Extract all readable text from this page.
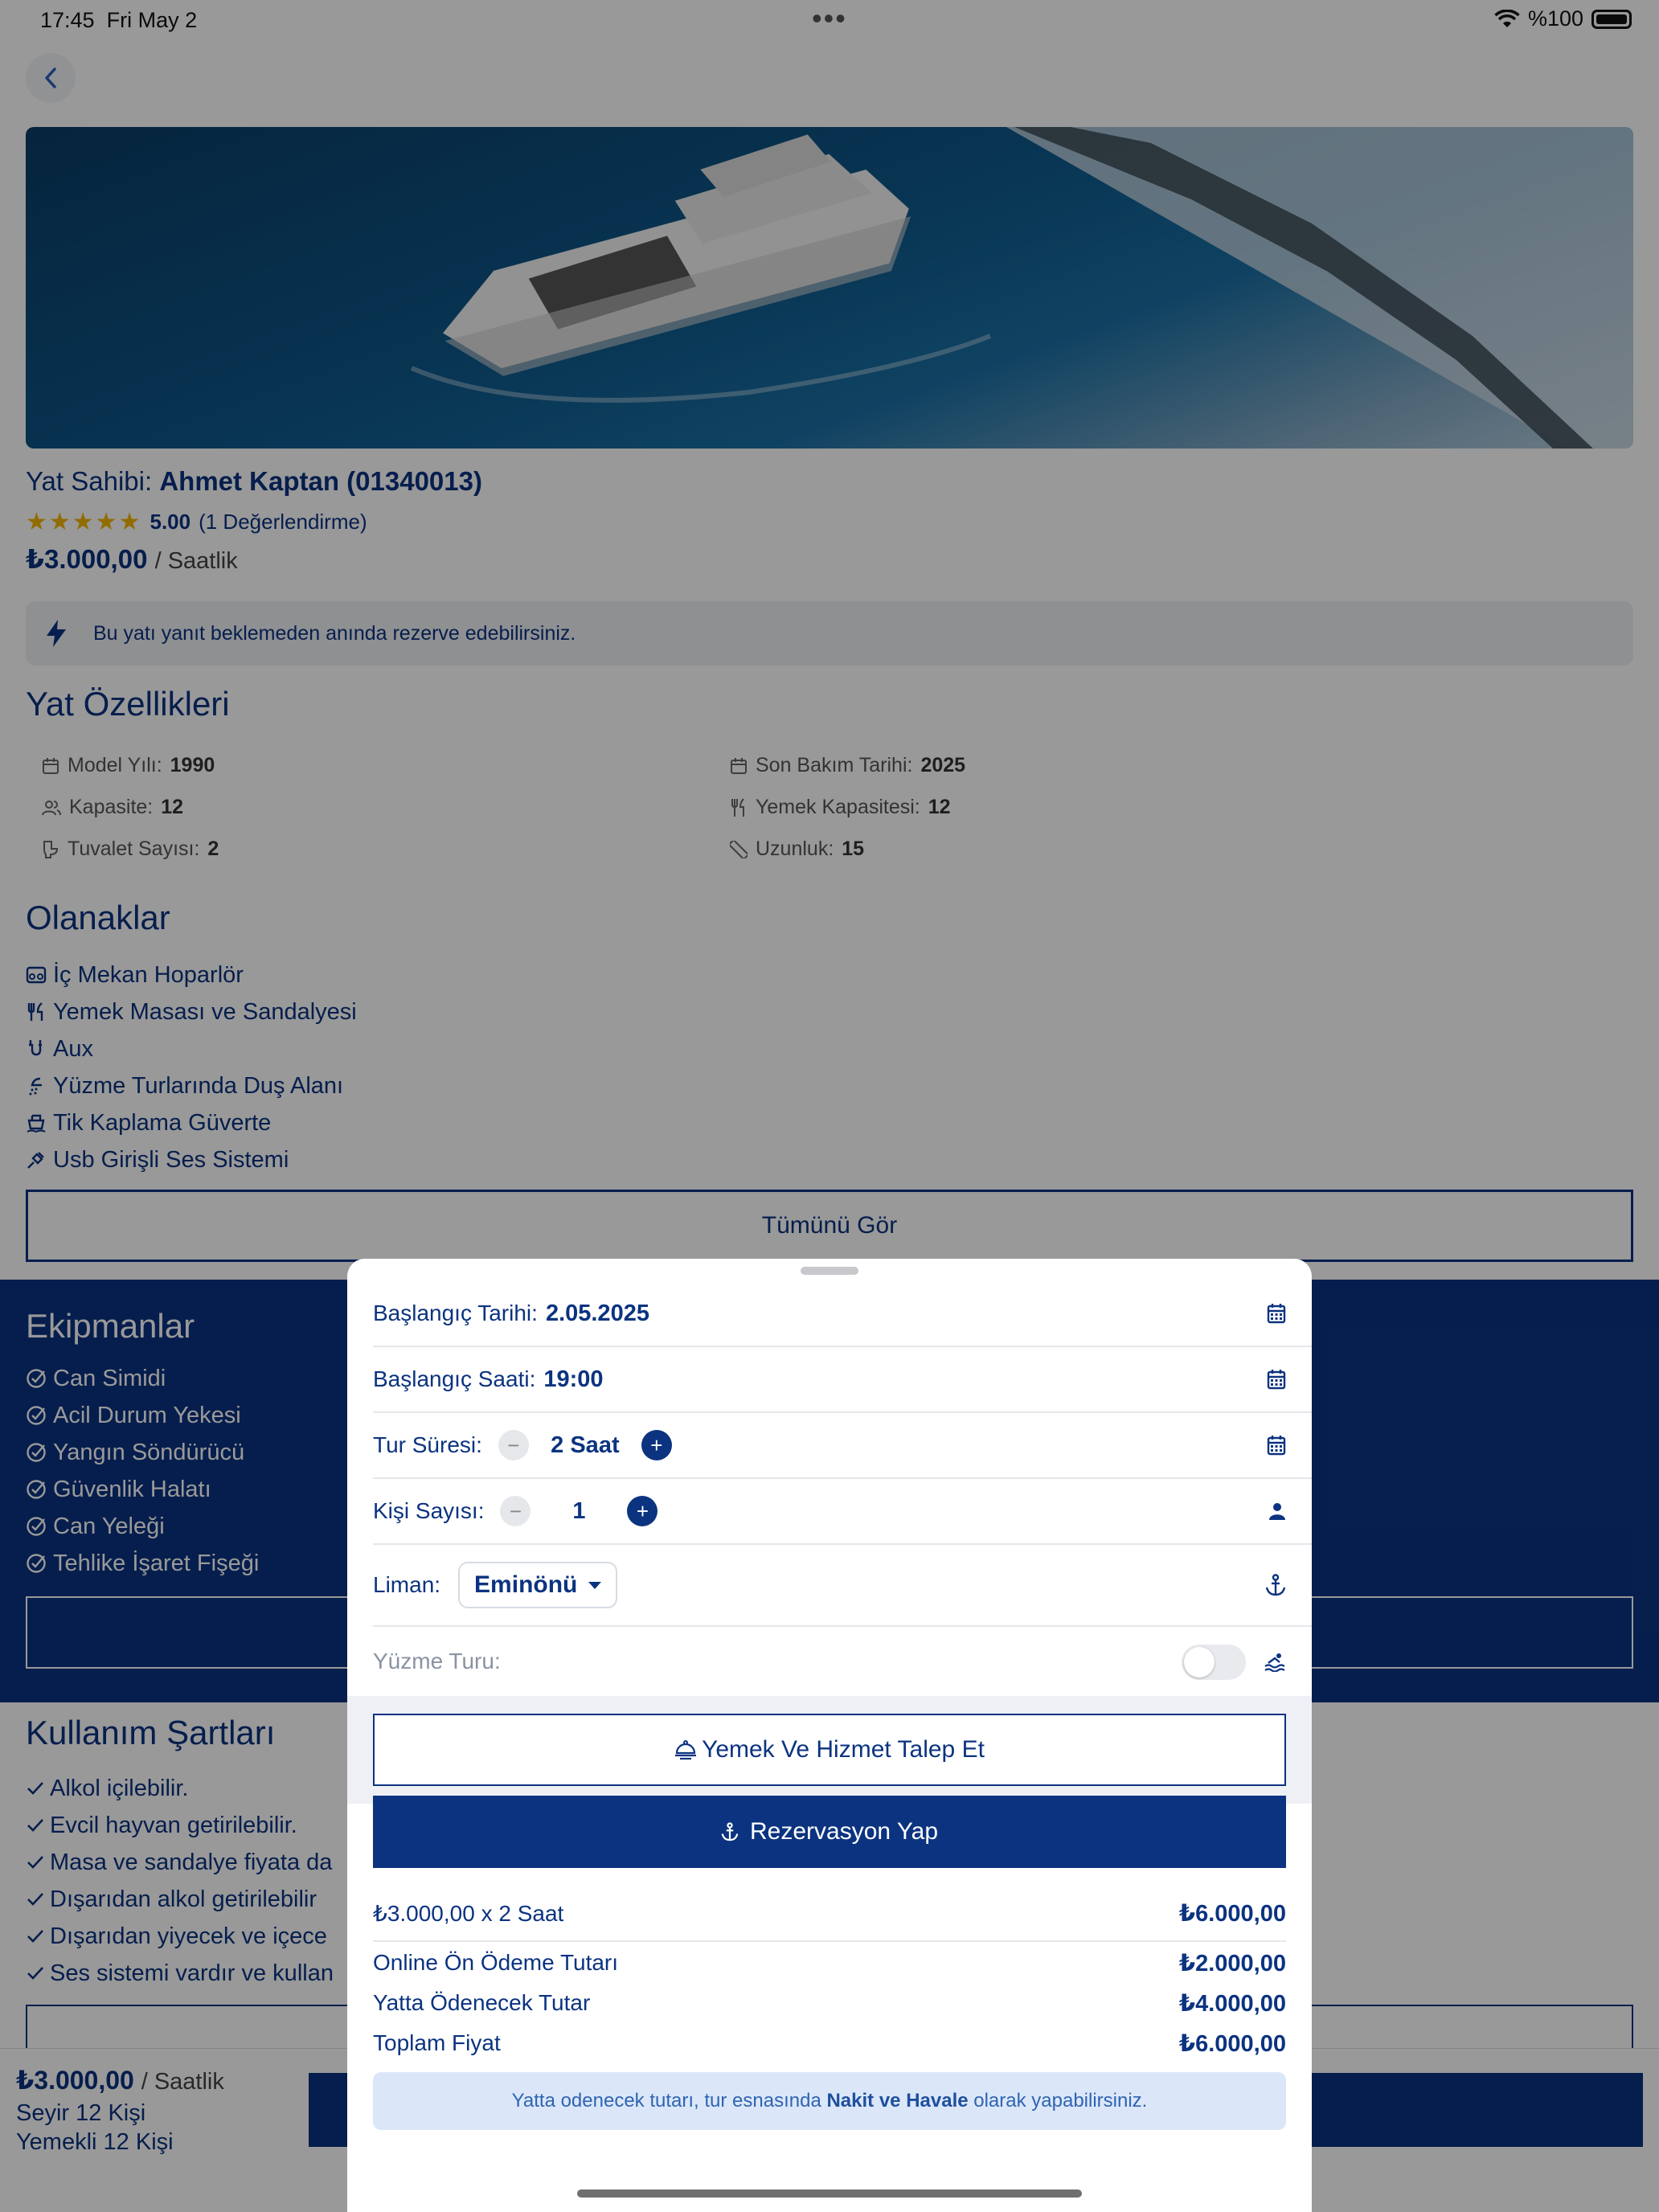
17:45 Fri May 2	•••	%100
Yat Sahibi: Ahmet Kaptan (01340013)
★★★★★ 5.00 (1 Değerlendirme)
₺3.000,00 / Saatlik
Bu yatı yanıt beklemeden anında rezerve edebilirsiniz.
Yat Özellikleri
Model Yılı: 1990	Son Bakım Tarihi: 2025
Kapasite: 12	Yemek Kapasitesi: 12
Tuvalet Sayısı: 2	Uzunluk: 15
Olanaklar
İç Mekan Hoparlör
Yemek Masası ve Sandalyesi
Aux
Yüzme Turlarında Duş Alanı
Tik Kaplama Güverte
Usb Girişli Ses Sistemi
Tümünü Gör
Ekipmanlar
Can Simidi
Acil Durum Yekesi
Yangın Söndürücü
Güvenlik Halatı
Can Yeleği
Tehlike İşaret Fişeği
Kullanım Şartları
Alkol içilebilir.
Evcil hayvan getirilebilir.
Masa ve sandalye fiyata da
Dışarıdan alkol getirilebilir
Dışarıdan yiyecek ve içece
Ses sistemi vardır ve kullan
₺3.000,00 / Saatlik
Seyir 12 Kişi
Yemekli 12 Kişi
Başlangıç Tarihi: 2.05.2025
Başlangıç Saati: 19:00
Tur Süresi:	−	2 Saat	+
Kişi Sayısı:	−	1	+
Liman: Eminönü
Yüzme Turu:
Yemek Ve Hizmet Talep Et
Rezervasyon Yap
₺3.000,00 x 2 Saat	₺6.000,00
Online Ön Ödeme Tutarı	₺2.000,00
Yatta Ödenecek Tutar	₺4.000,00
Toplam Fiyat	₺6.000,00
Yatta odenecek tutarı, tur esnasında
Nakit ve Havale
olarak yapabilirsiniz.
